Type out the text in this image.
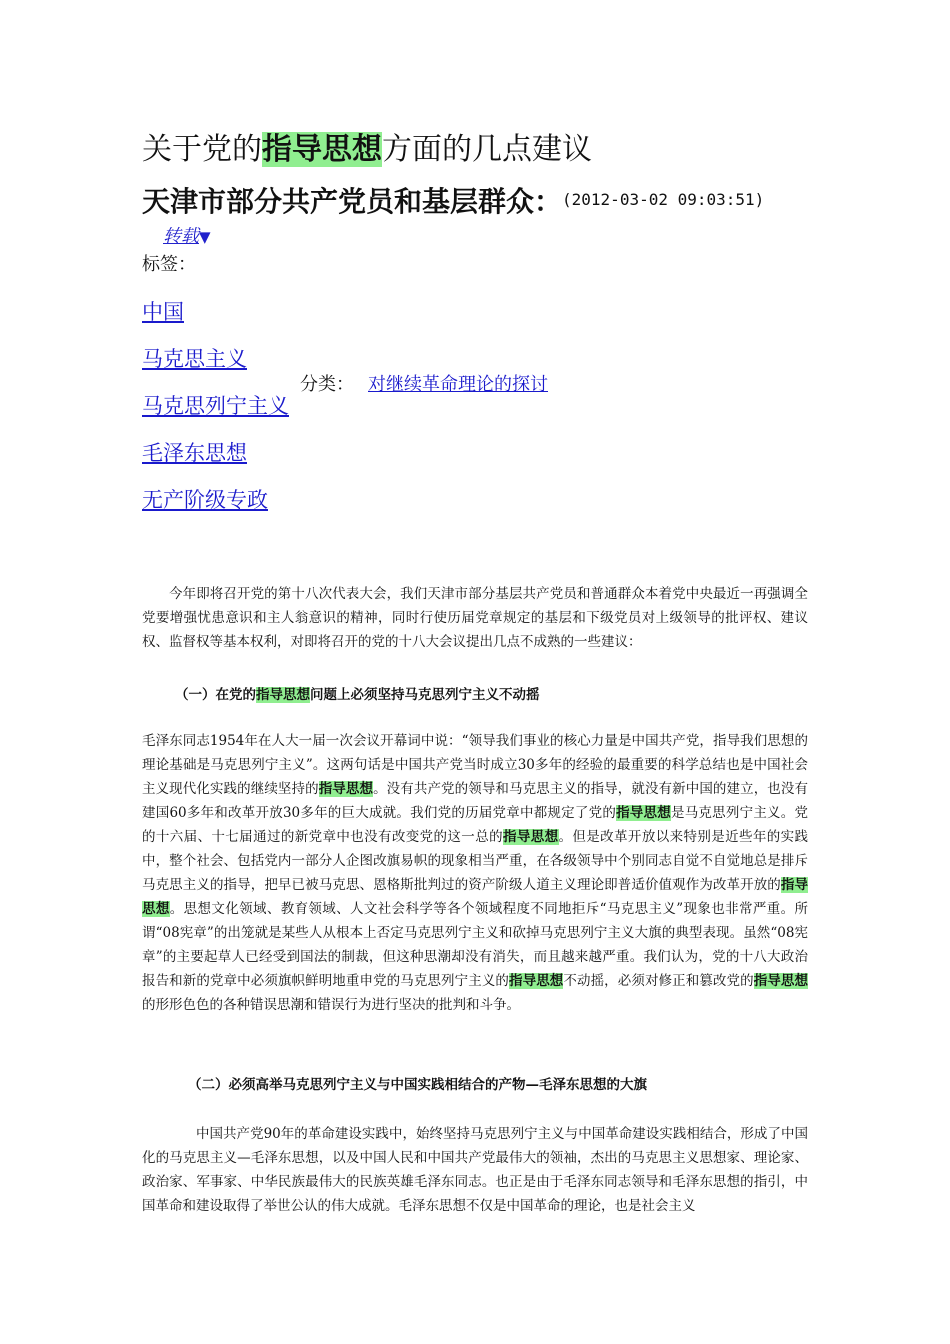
关于党的指导思想方面的几点建议
天津市部分共产党员和基层群众：$^{(2012-03-02 09:03:51)}$
转载▼
标签：
中国
马克思主义
马克思列宁主义
毛泽东思想
无产阶级专政
分类： 对继续革命理论的探讨

今年即将召开党的第十八次代表大会，我们天津市部分基层共产党员和普通群众本着党中央最近一再强调全党要增强忧患意识和主人翁意识的精神，同时行使历届党章规定的基层和下级党员对上级领导的批评权、建议权、监督权等基本权利，对即将召开的党的十八大会议提出几点不成熟的一些建议：

（一）在党的指导思想问题上必须坚持马克思列宁主义不动摇

毛泽东同志1954年在人大一届一次会议开幕词中说：“领导我们事业的核心力量是中国共产党，指导我们思想的理论基础是马克思列宁主义”。这两句话是中国共产党当时成立30多年的经验的最重要的科学总结也是中国社会主义现代化实践的继续坚持的指导思想。没有共产党的领导和马克思主义的指导，就没有新中国的建立，也没有建国60多年和改革开放30多年的巨大成就。我们党的历届党章中都规定了党的指导思想是马克思列宁主义。党的十六届、十七届通过的新党章中也没有改变党的这一总的指导思想。但是改革开放以来特别是近些年的实践中，整个社会、包括党内一部分人企图改旗易帜的现象相当严重，在各级领导中个别同志自觉不自觉地总是排斥马克思主义的指导，把早已被马克思、恩格斯批判过的资产阶级人道主义理论即普适价值观作为改革开放的指导思想。思想文化领域、教育领域、人文社会科学等各个领域程度不同地拒斥“马克思主义”现象也非常严重。所谓“08宪章”的出笼就是某些人从根本上否定马克思列宁主义和砍掉马克思列宁主义大旗的典型表现。虽然“08宪章”的主要起草人已经受到国法的制裁，但这种思潮却没有消失，而且越来越严重。我们认为，党的十八大政治报告和新的党章中必须旗帜鲜明地重申党的马克思列宁主义的指导思想不动摇，必须对修正和篡改党的指导思想的形形色色的各种错误思潮和错误行为进行坚决的批判和斗争。

（二）必须高举马克思列宁主义与中国实践相结合的产物—毛泽东思想的大旗

中国共产党90年的革命建设实践中，始终坚持马克思列宁主义与中国革命建设实践相结合，形成了中国化的马克思主义—毛泽东思想，以及中国人民和中国共产党最伟大的领袖，杰出的马克思主义思想家、理论家、政治家、军事家、中华民族最伟大的民族英雄毛泽东同志。也正是由于毛泽东同志领导和毛泽东思想的指引，中国革命和建设取得了举世公认的伟大成就。毛泽东思想不仅是中国革命的理论，也是社会主义
